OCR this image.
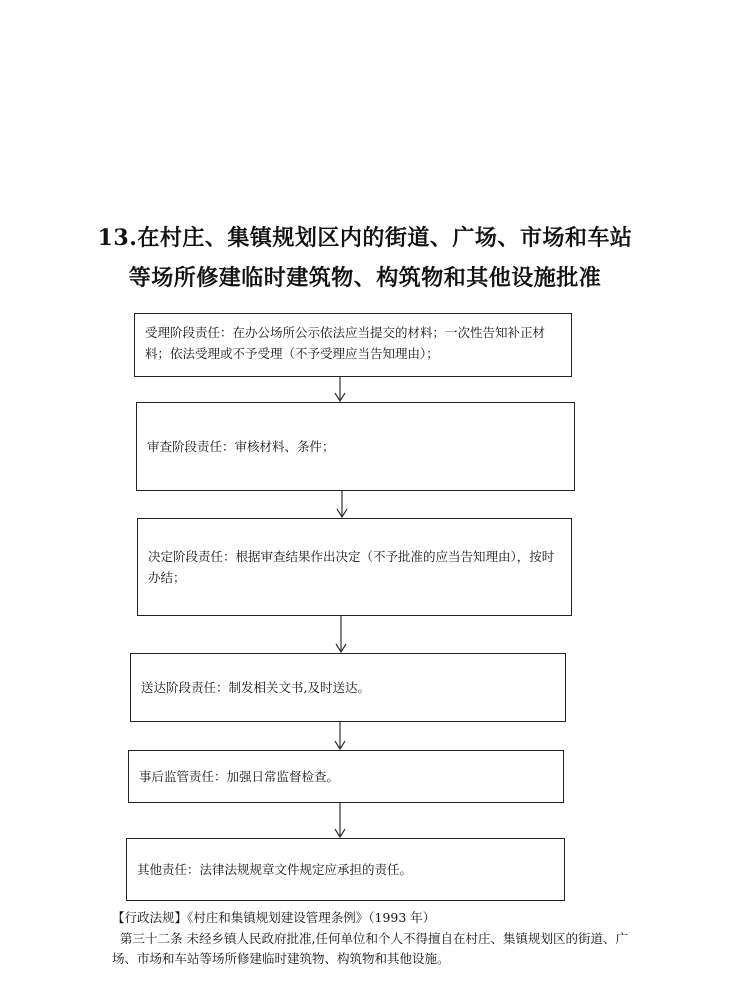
13.在村庄、集镇规划区内的街道、广场、市场和车站
等场所修建临时建筑物、构筑物和其他设施批准
受理阶段责任：在办公场所公示依法应当提交的材料；一次性告知补正材料；依法受理或不予受理（不予受理应当告知理由）；
审查阶段责任：审核材料、条件；
决定阶段责任：根据审查结果作出决定（不予批准的应当告知理由），按时办结；
送达阶段责任：制发相关文书,及时送达。
事后监管责任：加强日常监督检查。
其他责任：法律法规规章文件规定应承担的责任。
【行政法规】《村庄和集镇规划建设管理条例》（1993 年）
第三十二条 未经乡镇人民政府批准,任何单位和个人不得擅自在村庄、集镇规划区的街道、广场、市场和车站等场所修建临时建筑物、构筑物和其他设施。
